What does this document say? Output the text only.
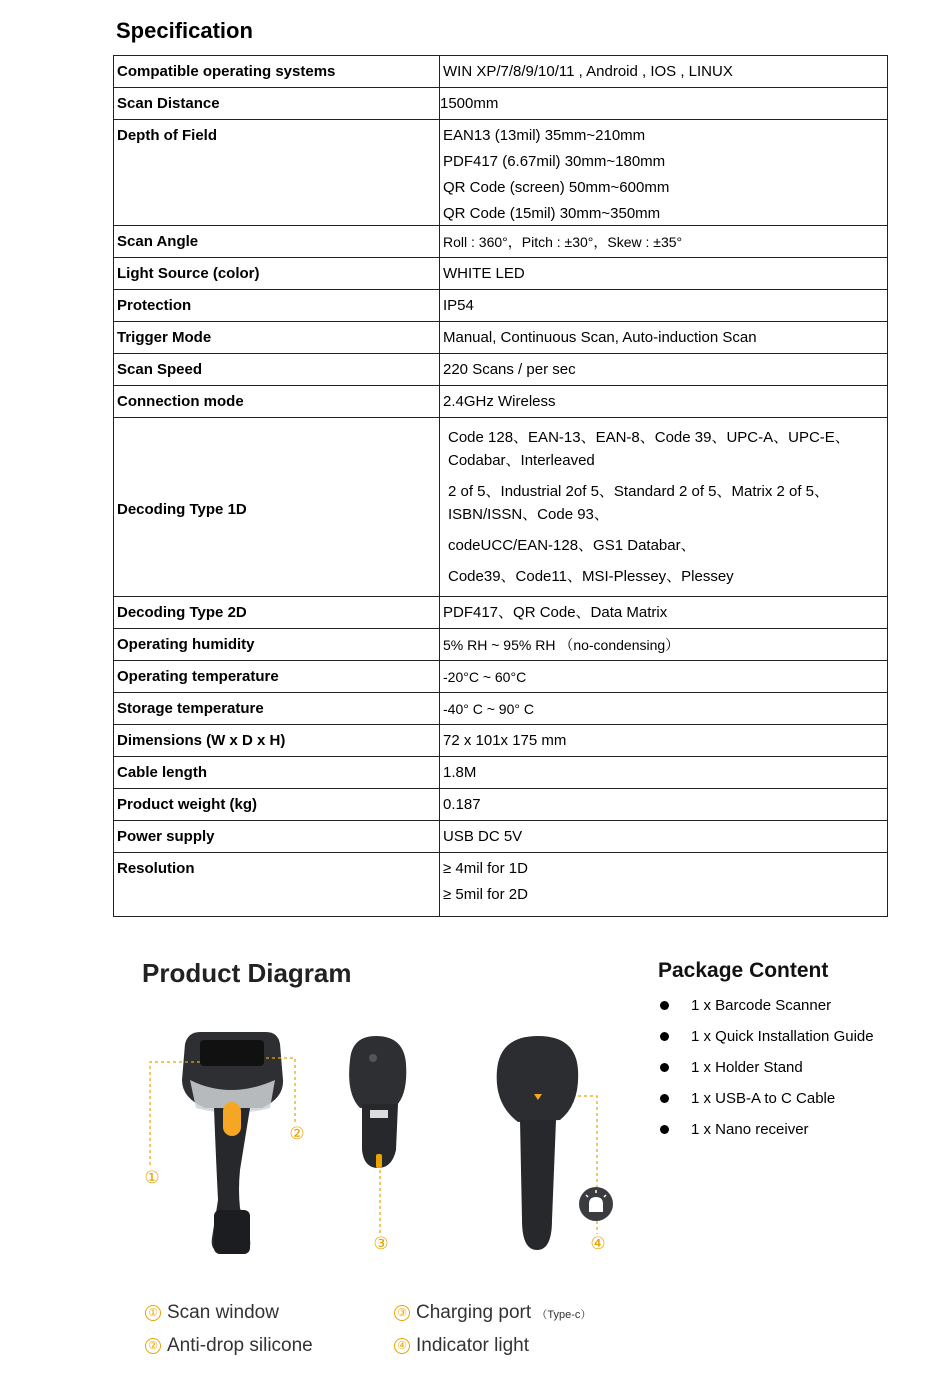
Specification
Compatible operating systems	WIN XP/7/8/9/10/11 , Android , IOS , LINUX
Scan Distance	1500mm
Depth of Field	EAN13 (13mil) 35mm~210mm
PDF417 (6.67mil) 30mm~180mm
QR Code (screen) 50mm~600mm
QR Code (15mil) 30mm~350mm

Scan Angle	Roll : 360°，Pitch : ±30°，Skew : ±35°
Light Source (color)	WHITE LED
Protection	IP54
Trigger Mode	Manual, Continuous Scan, Auto-induction Scan
Scan Speed	220 Scans / per sec
Connection mode	2.4GHz Wireless
Decoding Type 1D	Code 128、EAN-13、EAN-8、Code 39、UPC-A、UPC-E、Codabar、Interleaved
2 of 5、Industrial 2of 5、Standard 2 of 5、Matrix 2 of 5、ISBN/ISSN、Code 93、
codeUCC/EAN-128、GS1 Databar、
Code39、Code11、MSI-Plessey、Plessey

Decoding Type 2D	PDF417、QR Code、Data Matrix
Operating humidity	5% RH ~ 95% RH （no-condensing）
Operating temperature	-20°C ~ 60°C
Storage temperature	-40° C ~ 90° C
Dimensions (W x D x H)	72 x 101x 175 mm
Cable length	1.8M
Product weight (kg)	0.187
Power supply	USB DC 5V
Resolution	≥ 4mil for 1D
≥ 5mil for 2D
Product Diagram	Package Content
1 x Barcode Scanner
1 x Quick Installation Guide
1 x Holder Stand
1 x USB-A to C Cable
1 x Nano receiver
①
②
③	④
① Scan window
② Anti-drop silicone
③ Charging port （Type-c）
④ Indicator light
